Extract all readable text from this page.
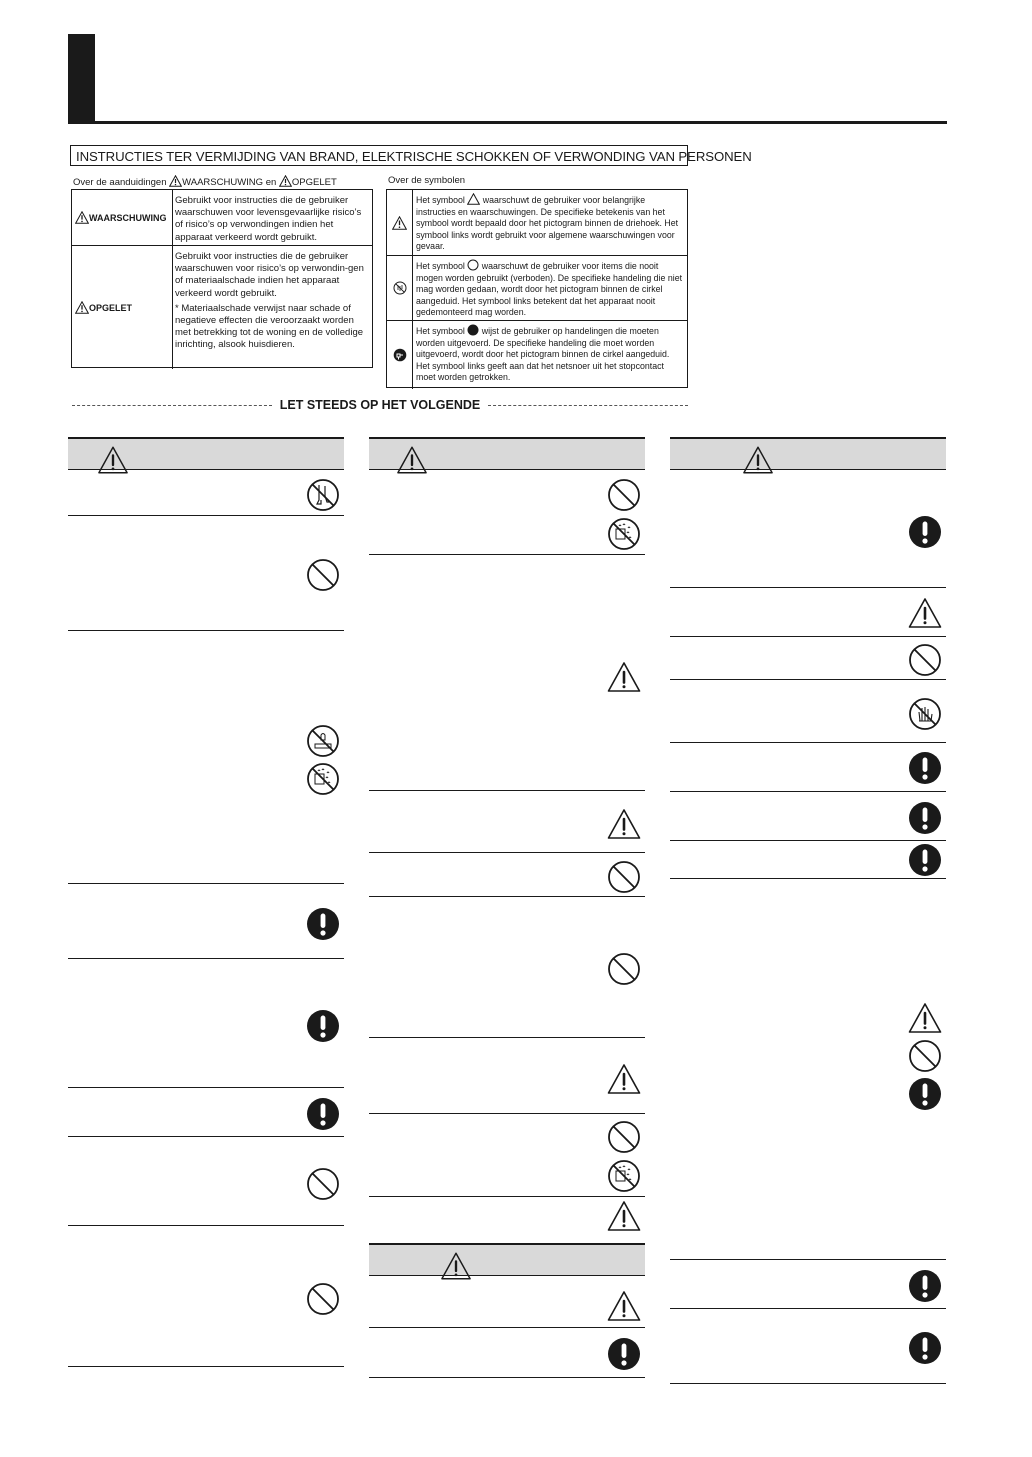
INSTRUCTIES TER VERMIJDING VAN BRAND, ELEKTRISCHE SCHOKKEN OF VERWONDING VAN PERSONEN
Over de aanduidingen WAARSCHUWING en OPGELET	Over de symbolen
WAARSCHUWING
Gebruikt voor instructies die de gebruiker waarschuwen voor levensgevaarlijke risico’s of risico’s op verwondingen indien het apparaat verkeerd wordt gebruikt.
OPGELET
Gebruikt voor instructies die de gebruiker waarschuwen voor risico’s op verwondin-gen of materiaalschade indien het apparaat verkeerd wordt gebruikt.
* Materiaalschade verwijst naar schade of negatieve effecten die veroorzaakt worden met betrekking tot de woning en de volledige inrichting, alsook huisdieren.
Het symbool waarschuwt de gebruiker voor belangrijke instructies en waarschuwingen. De specifieke betekenis van het symbool wordt bepaald door het pictogram binnen de driehoek. Het symbool links wordt gebruikt voor algemene waarschuwingen voor gevaar.
Het symbool waarschuwt de gebruiker voor items die nooit mogen worden gebruikt (verboden). De specifieke handeling die niet mag worden gedaan, wordt door het pictogram binnen de cirkel aangeduid. Het symbool links betekent dat het apparaat nooit gedemonteerd mag worden.
Het symbool wijst de gebruiker op handelingen die moeten worden uitgevoerd. De specifieke handeling die moet worden uitgevoerd, wordt door het pictogram binnen de cirkel aangeduid. Het symbool links geeft aan dat het netsnoer uit het stopcontact moet worden getrokken.
LET STEEDS OP HET VOLGENDE
